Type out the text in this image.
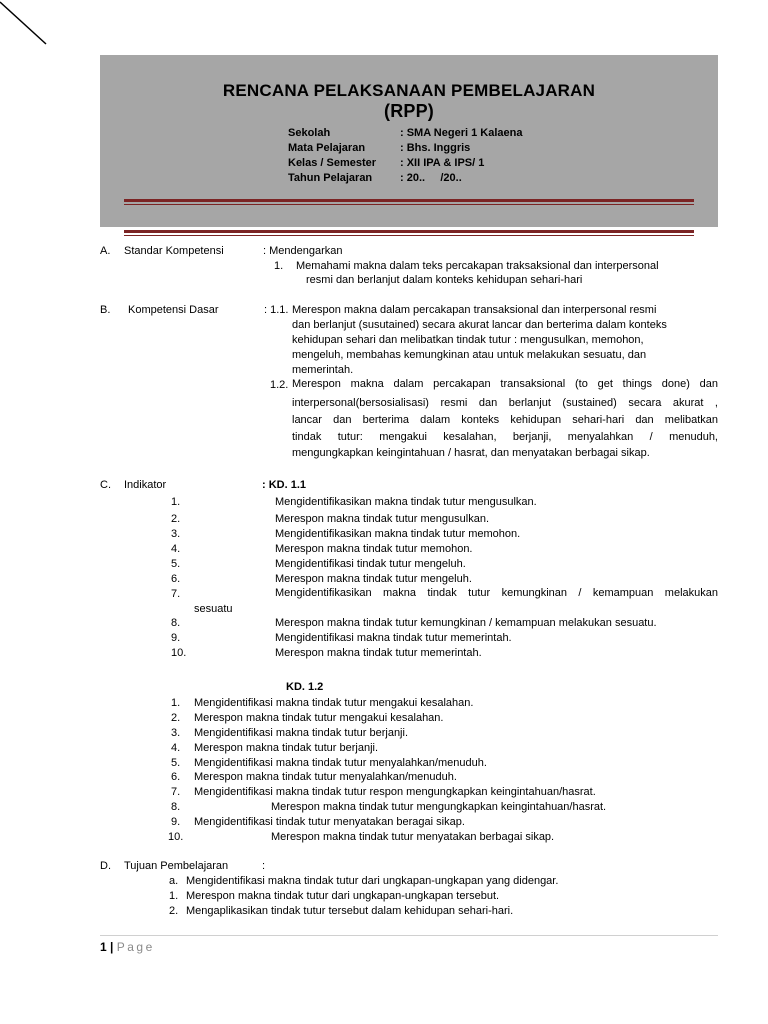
RENCANA PELAKSANAAN PEMBELAJARAN
(RPP)
Sekolah	: SMA Negeri 1 Kalaena
Mata Pelajaran	: Bhs. Inggris
Kelas / Semester : XII IPA & IPS/ 1
Tahun Pelajaran	: 20..     /20..
A. Standar Kompetensi	: Mendengarkan
1. Memahami makna dalam teks percakapan traksaksional dan interpersonal
resmi dan berlanjut dalam konteks kehidupan sehari-hari
B. Kompetensi Dasar	: 1.1. Merespon makna dalam percakapan transaksional dan interpersonal resmi
dan berlanjut (susutained) secara akurat lancar dan berterima dalam konteks
kehidupan sehari dan melibatkan tindak tutur : mengusulkan, memohon,
mengeluh, membahas kemungkinan atau untuk melakukan sesuatu, dan
memerintah.
1.2. Merespon makna dalam percakapan transaksional (to get things done) dan
interpersonal(bersosialisasi) resmi dan berlanjut (sustained) secara akurat ,
lancar dan berterima dalam konteks kehidupan sehari-hari dan melibatkan
tindak tutur: mengakui kesalahan, berjanji, menyalahkan / menuduh,
mengungkapkan keingintahuan / hasrat, dan menyatakan berbagai sikap.
C. Indikator	: KD. 1.1
1.	Mengidentifikasikan makna tindak tutur mengusulkan.
2.	Merespon makna tindak tutur mengusulkan.
3.	Mengidentifikasikan makna tindak tutur memohon.
4.	Merespon makna tindak tutur memohon.
5.	Mengidentifikasi tindak tutur mengeluh.
6.	Merespon makna tindak tutur mengeluh.
7.	Mengidentifikasikan makna tindak tutur kemungkinan / kemampuan melakukan
sesuatu
8.	Merespon makna tindak tutur kemungkinan / kemampuan melakukan sesuatu.
9.	Mengidentifikasi makna tindak tutur memerintah.
10.	Merespon makna tindak tutur memerintah.
KD. 1.2
1. Mengidentifikasi makna tindak tutur mengakui kesalahan.
2. Merespon makna tindak tutur mengakui kesalahan.
3. Mengidentifikasi makna tindak tutur berjanji.
4. Merespon makna tindak tutur berjanji.
5. Mengidentifikasi makna tindak tutur menyalahkan/menuduh.
6. Merespon makna tindak tutur menyalahkan/menuduh.
7. Mengidentifikasi makna tindak tutur respon mengungkapkan keingintahuan/hasrat.
8.	Merespon makna tindak tutur mengungkapkan keingintahuan/hasrat.
9. Mengidentifikasi tindak tutur menyatakan beragai sikap.
10.	Merespon makna tindak tutur menyatakan berbagai sikap.
D. Tujuan Pembelajaran	:
a. Mengidentifikasi makna tindak tutur dari ungkapan-ungkapan yang didengar.
1. Merespon makna tindak tutur dari ungkapan-ungkapan tersebut.
2. Mengaplikasikan tindak tutur tersebut dalam kehidupan sehari-hari.
1 | Page
